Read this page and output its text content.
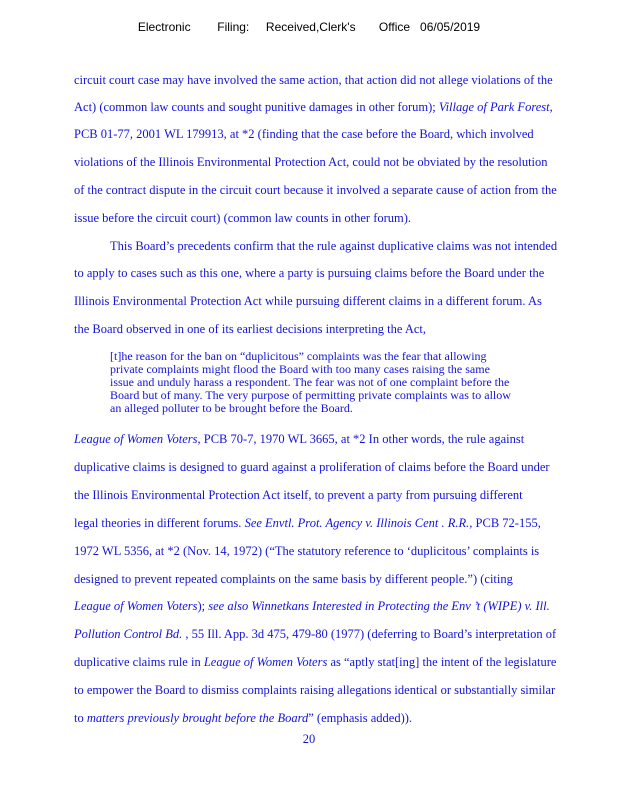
Electronic        Filing:     Received,Clerk's       Office   06/05/2019
circuit court case may have involved the same action, that action did not allege violations of the
Act) (common law counts and sought punitive damages in other forum); Village of Park Forest,
PCB 01-77, 2001 WL 179913, at *2 (finding that the case before the Board, which involved
violations of the Illinois Environmental Protection Act, could not be obviated by the resolution
of the contract dispute in the circuit court because it involved a separate cause of action from the
issue before the circuit court) (common law counts in other forum).
This Board’s precedents confirm that the rule against duplicative claims was not intended
to apply to cases such as this one, where a party is pursuing claims before the Board under the
Illinois Environmental Protection Act while pursuing different claims in a different forum. As
the Board observed in one of its earliest decisions interpreting the Act,
[t]he reason for the ban on “duplicitous” complaints was the fear that allowing
private complaints might flood the Board with too many cases raising the same
issue and unduly harass a respondent. The fear was not of one complaint before the
Board but of many. The very purpose of permitting private complaints was to allow
an alleged polluter to be brought before the Board.
League of Women Voters, PCB 70-7, 1970 WL 3665, at *2 In other words, the rule against
duplicative claims is designed to guard against a proliferation of claims before the Board under
the Illinois Environmental Protection Act itself, to prevent a party from pursuing different
legal theories in different forums. See Envtl. Prot. Agency v. Illinois Cent . R.R., PCB 72-155,
1972 WL 5356, at *2 (Nov. 14, 1972) (“The statutory reference to ‘duplicitous’ complaints is
designed to prevent repeated complaints on the same basis by different people.”) (citing
League of Women Voters); see also Winnetkans Interested in Protecting the Env ’t (WIPE) v. Ill.
Pollution Control Bd. , 55 Ill. App. 3d 475, 479-80 (1977) (deferring to Board’s interpretation of
duplicative claims rule in League of Women Voters as “aptly stat[ing] the intent of the legislature
to empower the Board to dismiss complaints raising allegations identical or substantially similar
to matters previously brought before the Board” (emphasis added)).
20
